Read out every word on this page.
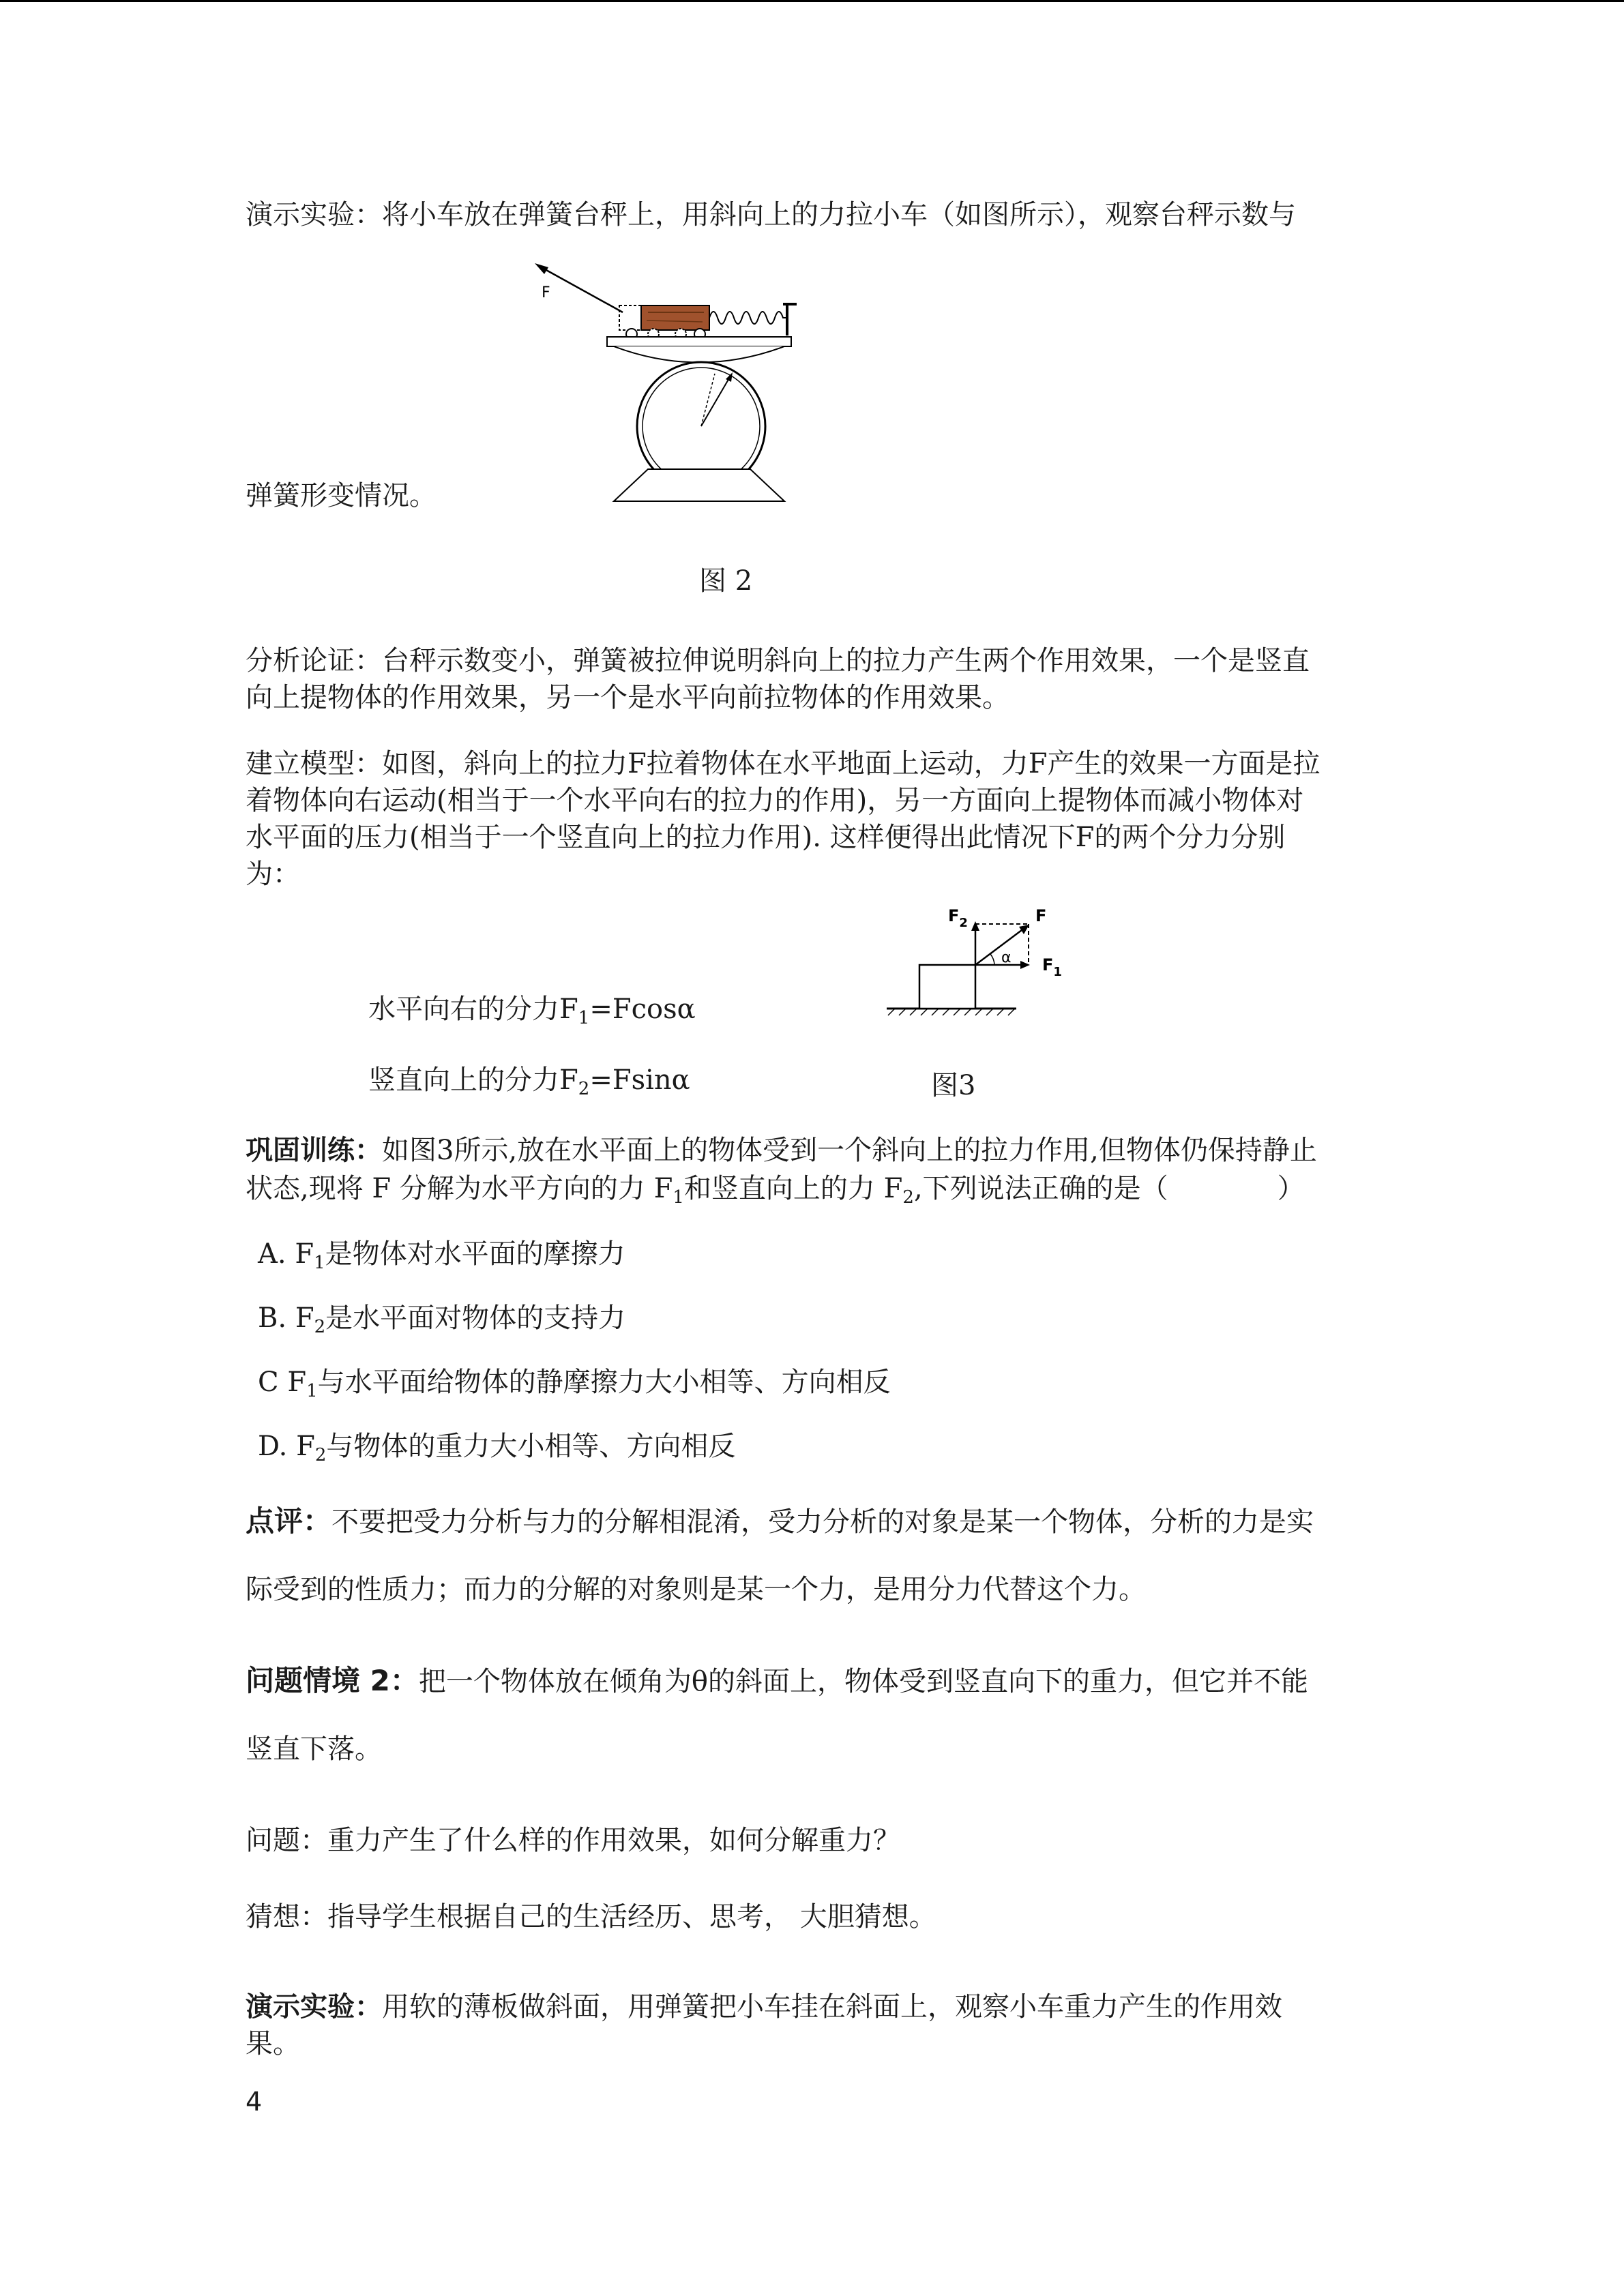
演示实验：将小车放在弹簧台秤上，用斜向上的力拉小车（如图所示），观察台秤示数与
F
弹簧形变情况。
图 2
分析论证：台秤示数变小，弹簧被拉伸说明斜向上的拉力产生两个作用效果，一个是竖直
向上提物体的作用效果，另一个是水平向前拉物体的作用效果。
建立模型：如图，斜向上的拉力F拉着物体在水平地面上运动，力F产生的效果一方面是拉
着物体向右运动(相当于一个水平向右的拉力的作用)，另一方面向上提物体而减小物体对
水平面的压力(相当于一个竖直向上的拉力作用). 这样便得出此情况下F的两个分力分别
为：
水平向右的分力$F_1=Fcos\alpha$
竖直向上的分力$F_2=Fsin\alpha$
α
F
$F_2$
$F_1$
图3
巩固训练：如图3所示,放在水平面上的物体受到一个斜向上的拉力作用,但物体仍保持静止
状态,现将 F 分解为水平方向的力 $F_1$和竖直向上的力 $F_2$,下列说法正确的是（　　　　）
A. $F_1$是物体对水平面的摩擦力
B. $F_2$是水平面对物体的支持力
C $F_1$与水平面给物体的静摩擦力大小相等、方向相反
D. $F_2$与物体的重力大小相等、方向相反
点评：不要把受力分析与力的分解相混淆，受力分析的对象是某一个物体，分析的力是实
际受到的性质力；而力的分解的对象则是某一个力，是用分力代替这个力。
问题情境 2：把一个物体放在倾角为θ的斜面上，物体受到竖直向下的重力，但它并不能
竖直下落。
问题：重力产生了什么样的作用效果，如何分解重力？
猜想：指导学生根据自己的生活经历、思考， 大胆猜想。
演示实验：用软的薄板做斜面，用弹簧把小车挂在斜面上，观察小车重力产生的作用效
果。
4
